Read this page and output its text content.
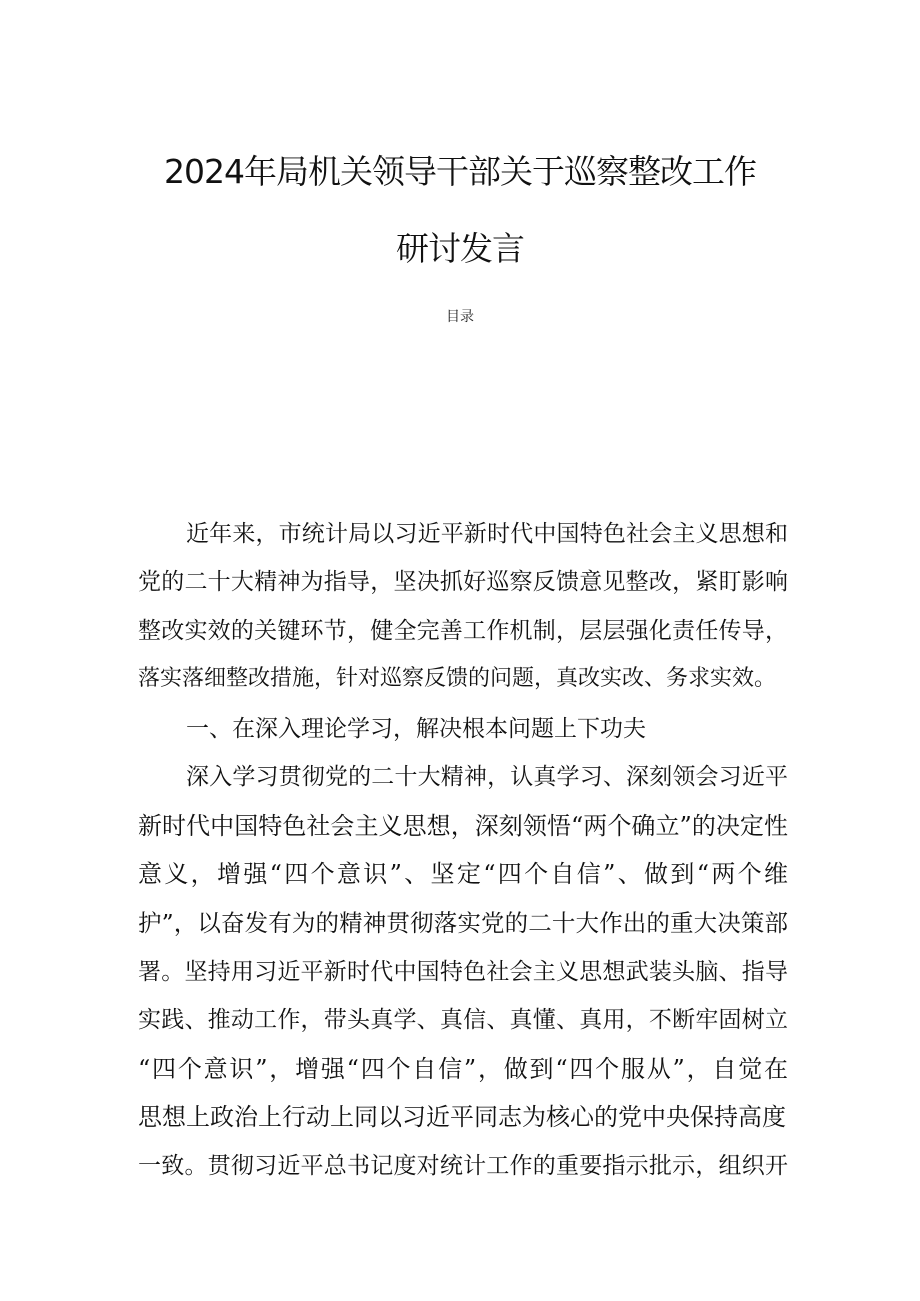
2024年局机关领导干部关于巡察整改工作
研讨发言
目录
近年来，市统计局以习近平新时代中国特色社会主义思想和
党的二十大精神为指导，坚决抓好巡察反馈意见整改，紧盯影响
整改实效的关键环节，健全完善工作机制，层层强化责任传导，
落实落细整改措施，针对巡察反馈的问题，真改实改、务求实效。
一、在深入理论学习，解决根本问题上下功夫
深入学习贯彻党的二十大精神，认真学习、深刻领会习近平
新时代中国特色社会主义思想，深刻领悟“两个确立”的决定性
意义，增强“四个意识”、坚定“四个自信”、做到“两个维
护”，以奋发有为的精神贯彻落实党的二十大作出的重大决策部
署。坚持用习近平新时代中国特色社会主义思想武装头脑、指导
实践、推动工作，带头真学、真信、真懂、真用，不断牢固树立
“四个意识”，增强“四个自信”，做到“四个服从”，自觉在
思想上政治上行动上同以习近平同志为核心的党中央保持高度
一致。贯彻习近平总书记度对统计工作的重要指示批示，组织开
